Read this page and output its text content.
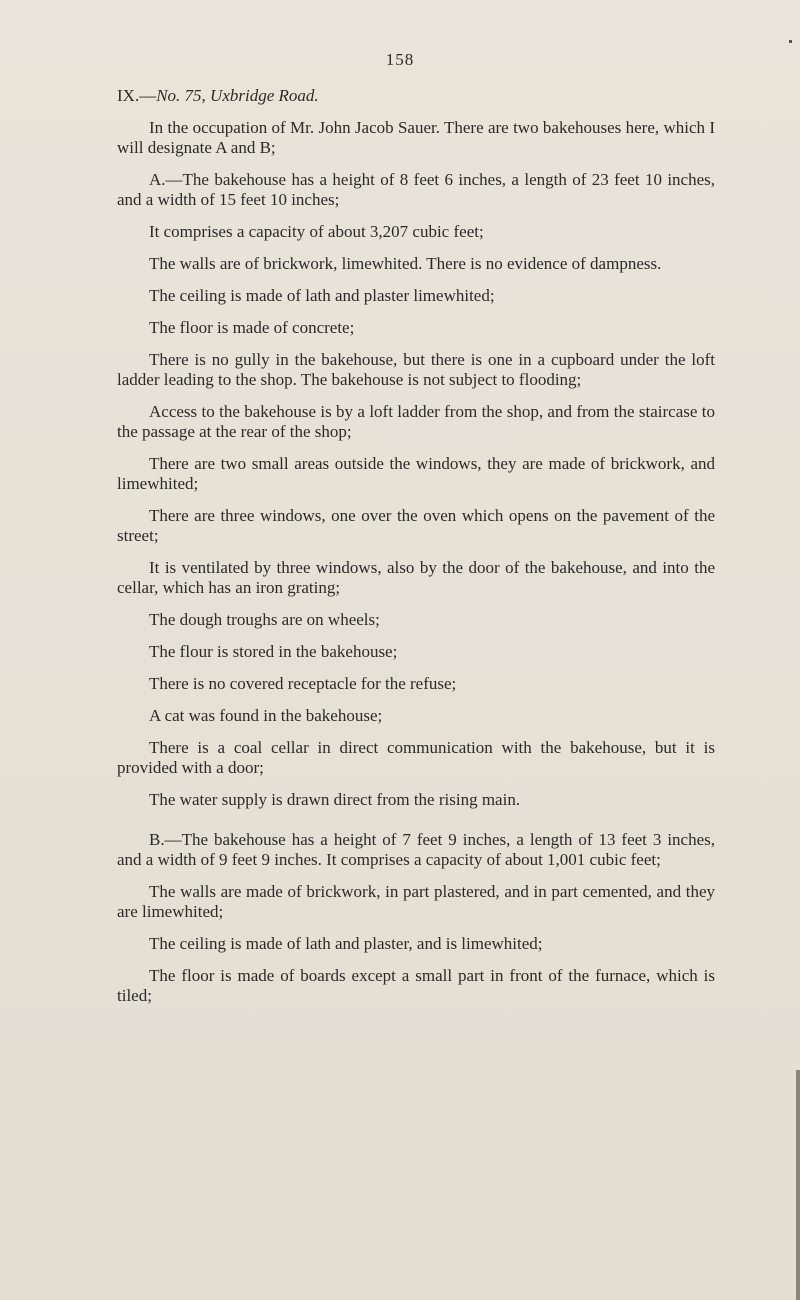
158

IX.—No. 75, Uxbridge Road.

In the occupation of Mr. John Jacob Sauer. There are two bakehouses here, which I will designate A and B;

A.—The bakehouse has a height of 8 feet 6 inches, a length of 23 feet 10 inches, and a width of 15 feet 10 inches;

It comprises a capacity of about 3,207 cubic feet;

The walls are of brickwork, limewhited. There is no evidence of dampness.

The ceiling is made of lath and plaster limewhited;

The floor is made of concrete;

There is no gully in the bakehouse, but there is one in a cupboard under the loft ladder leading to the shop. The bakehouse is not subject to flooding;

Access to the bakehouse is by a loft ladder from the shop, and from the staircase to the passage at the rear of the shop;

There are two small areas outside the windows, they are made of brickwork, and limewhited;

There are three windows, one over the oven which opens on the pavement of the street;

It is ventilated by three windows, also by the door of the bakehouse, and into the cellar, which has an iron grating;

The dough troughs are on wheels;

The flour is stored in the bakehouse;

There is no covered receptacle for the refuse;

A cat was found in the bakehouse;

There is a coal cellar in direct communication with the bakehouse, but it is provided with a door;

The water supply is drawn direct from the rising main.

B.—The bakehouse has a height of 7 feet 9 inches, a length of 13 feet 3 inches, and a width of 9 feet 9 inches. It comprises a capacity of about 1,001 cubic feet;

The walls are made of brickwork, in part plastered, and in part cemented, and they are limewhited;

The ceiling is made of lath and plaster, and is limewhited;

The floor is made of boards except a small part in front of the furnace, which is tiled;
